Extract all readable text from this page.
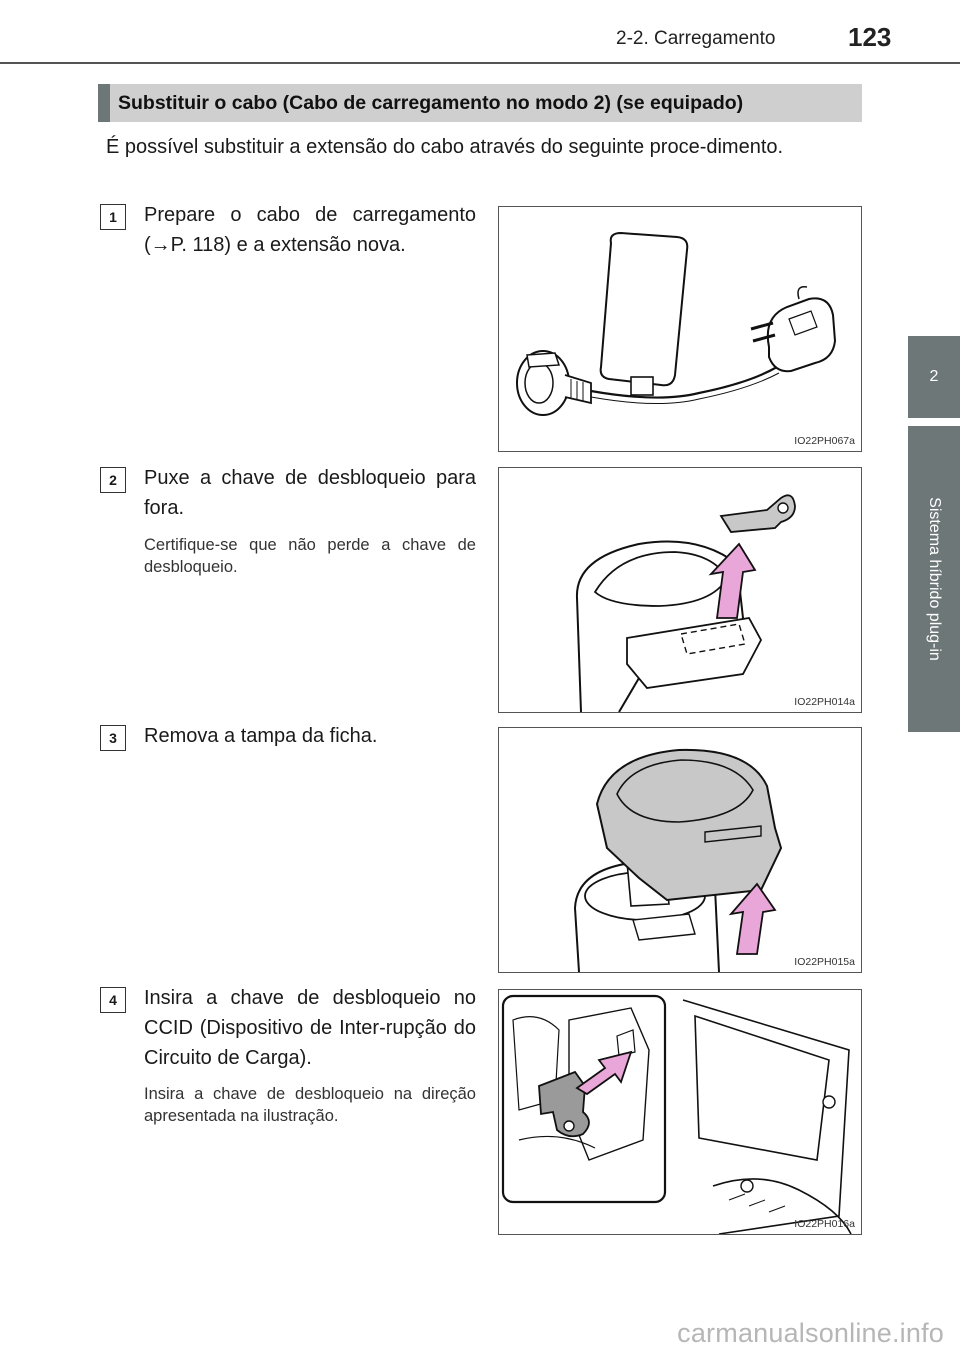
2-2. Carregamento	123
2
Sistema híbrido plug-in
Substituir o cabo (Cabo de carregamento no modo 2) (se equipado)
É possível substituir a extensão do cabo através do seguinte proce-dimento.
1 Prepare o cabo de carregamento (→P. 118) e a extensão nova.
IO22PH067a
2 Puxe a chave de desbloqueio para fora.
Certifique-se que não perde a chave de desbloqueio.
IO22PH014a
3 Remova a tampa da ficha.
IO22PH015a
4 Insira a chave de desbloqueio no CCID (Dispositivo de Inter-rupção do Circuito de Carga).
Insira a chave de desbloqueio na direção apresentada na ilustração.
IO22PH016a
carmanualsonline.info
